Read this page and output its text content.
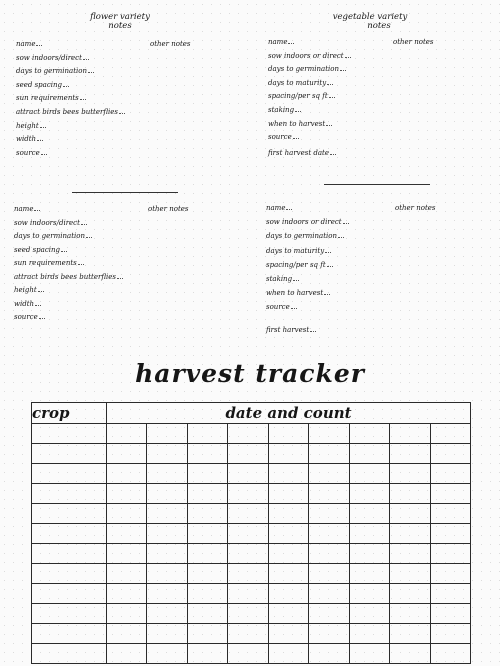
flower variety
notes
other notes
name
sow indoors/direct
days to germination
seed spacing
sun requirements
attract birds bees butterflies
height
width
source
vegetable variety
notes
other notes
name
sow indoors or direct
days to germination
days to maturity
spacing/per sq ft
staking
when to harvest
source
first harvest date
other notes
name
sow indoors/direct
days to germination
seed spacing
sun requirements
attract birds bees butterflies
height
width
source
other notes
name
sow indoors or direct
days to germination
days to maturity
spacing/per sq ft
staking
when to harvest
source
first harvest
harvest tracker
crop	date and count								
